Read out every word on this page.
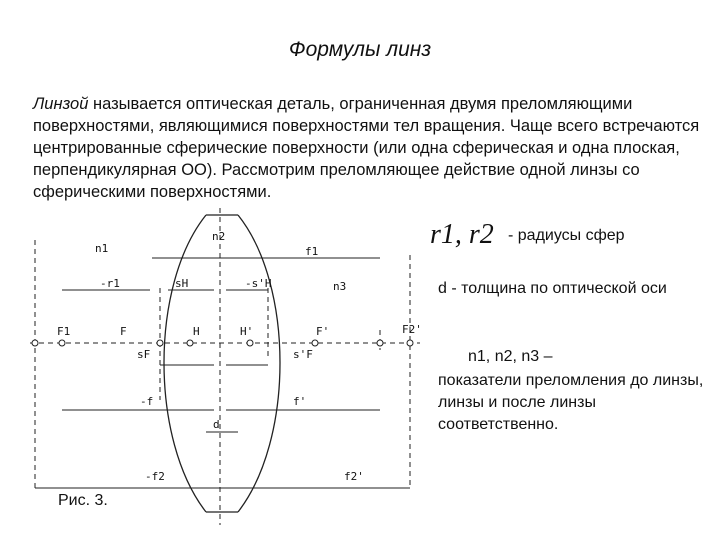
Формулы линз
Линзой называется оптическая деталь, ограниченная двумя преломляющими поверхностями, являющимися поверхностями тел вращения. Чаще всего встречаются центрированные сферические поверхности (или одна сферическая и одна плоская, перпендикулярная ОО). Рассмотрим преломляющее действие одной линзы со сферическими поверхностями.
n1
n2
n3
f1
-r1	sH	-s'H
F1	F	H	H'	F'	F2'
sF	s'F
-f	f'
d
-f2	f2'
r1, r2 - радиусы сфер
d - толщина по оптической оси
n1, n2, n3 –
показатели преломления до линзы, линзы и после линзы соответственно.
Рис. 3.
